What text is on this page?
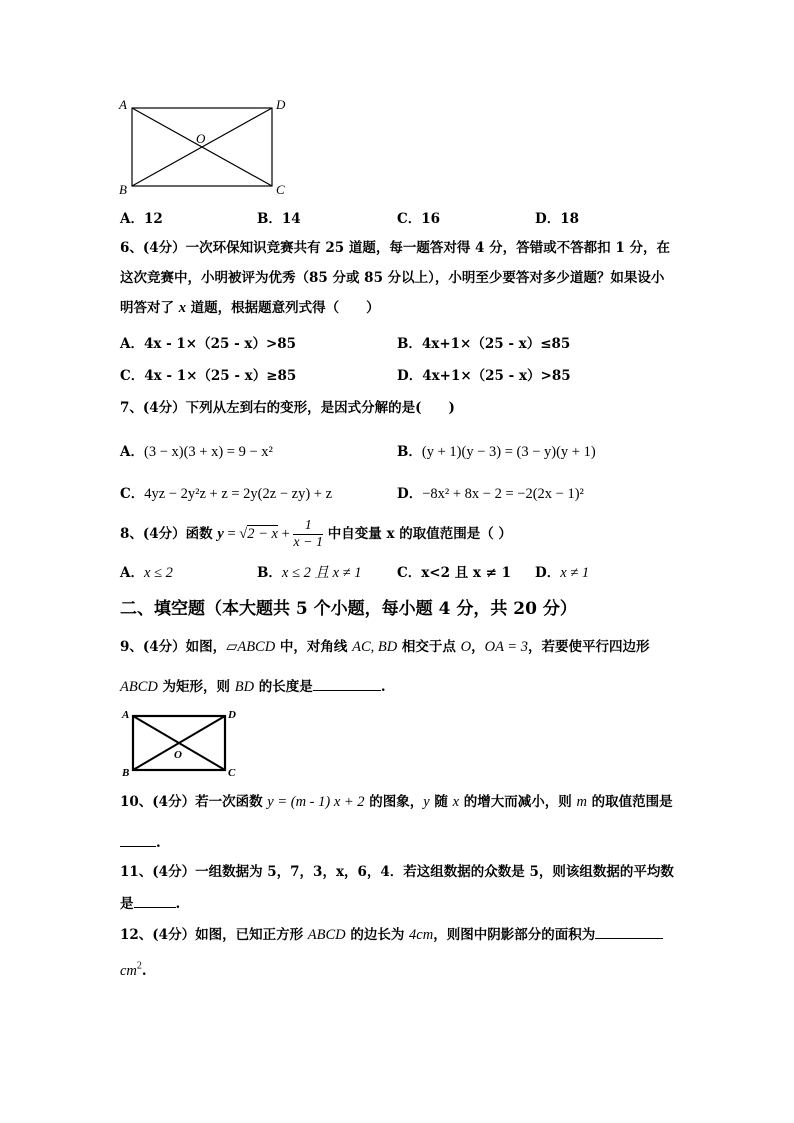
A	D
B	C
O
A．12	B．14	C．16	D．18
6、(4分）一次环保知识竞赛共有 25 道题，每一题答对得 4 分，答错或不答都扣 1 分，在
这次竞赛中，小明被评为优秀（85 分或 85 分以上），小明至少要答对多少道题？如果设小
明答对了 x 道题，根据题意列式得（　　）
A．4x - 1×（25 - x）>85	B．4x+1×（25 - x）≤85
C．4x - 1×（25 - x）≥85	D．4x+1×（25 - x）>85
7、(4分）下列从左到右的变形，是因式分解的是(　　)
A．(3 − x)(3 + x) = 9 − x²	B．(y + 1)(y − 3) = (3 − y)(y + 1)
C．4yz − 2y²z + z = 2y(2z − zy) + z	D．−8x² + 8x − 2 = −2(2x − 1)²
8、(4分）函数 $y = √2 - x + \frac{1}{x - 1}$ 中自变量 x 的取值范围是（ ）
A．x ≤ 2	B．x ≤ 2 且 x ≠ 1	C．x<2 且 x ≠ 1 D．x ≠ 1
二、填空题（本大题共 5 个小题，每小题 4 分，共 20 分）
9、(4分）如图，▱ABCD 中，对角线 AC, BD 相交于点 O，OA = 3，若要使平行四边形
ABCD 为矩形，则 BD 的长度是	.
A	D
B	C
O
10、(4分）若一次函数 y = (m - 1) x + 2 的图象，y 随 x 的增大而减小，则 m 的取值范围是
.
11、(4分）一组数据为 5，7，3，x，6，4．若这组数据的众数是 5，则该组数据的平均数
是	.
12、(4分）如图，已知正方形 ABCD 的边长为 4cm，则图中阴影部分的面积为
$cm^2$.
